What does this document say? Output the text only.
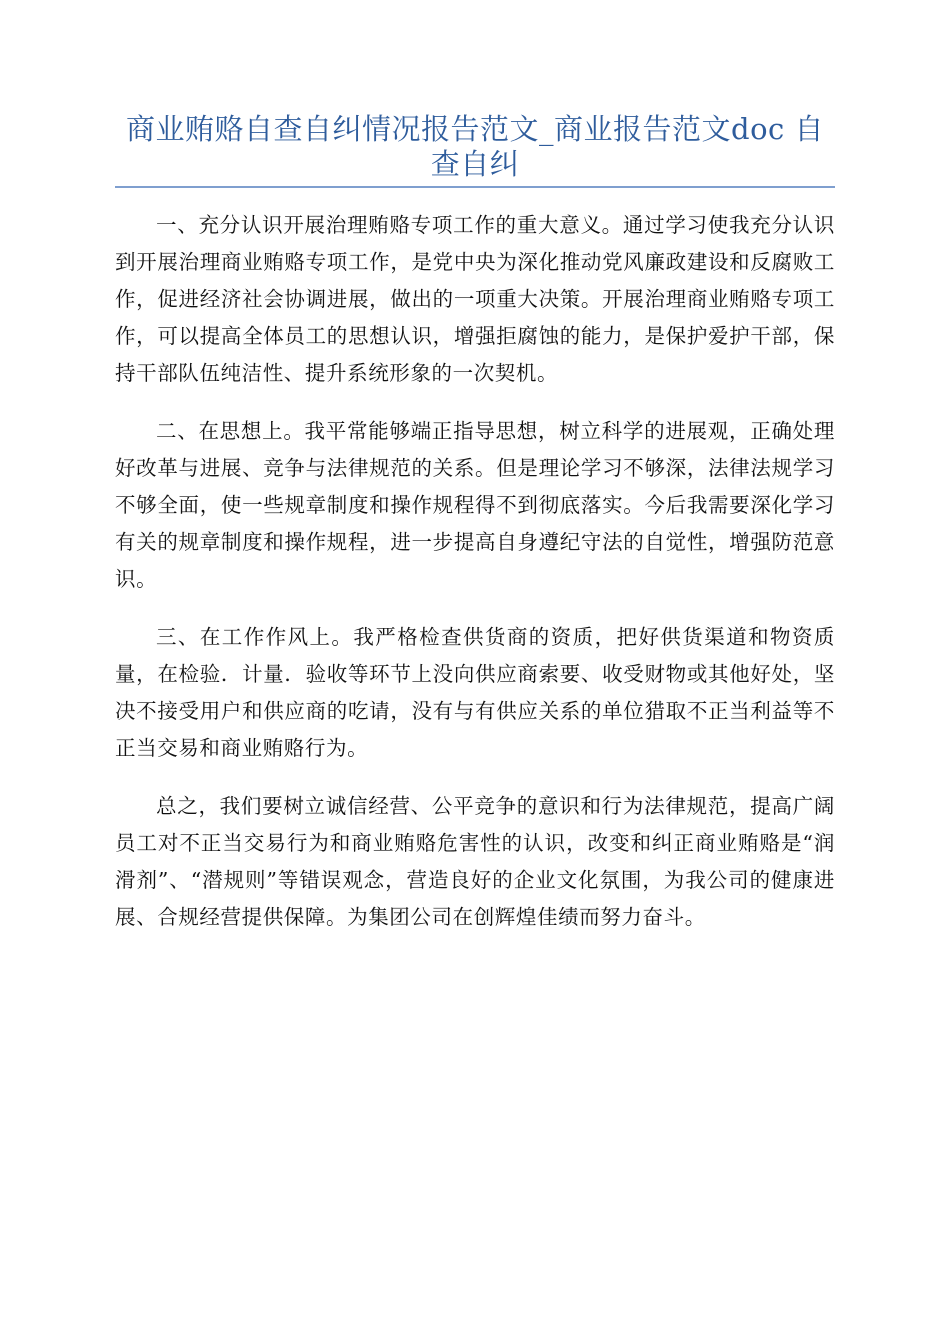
商业贿赂自查自纠情况报告范文_商业报告范文doc 自查自纠

一、充分认识开展治理贿赂专项工作的重大意义。通过学习使我充分认识到开展治理商业贿赂专项工作，是党中央为深化推动党风廉政建设和反腐败工作，促进经济社会协调进展，做出的一项重大决策。开展治理商业贿赂专项工作，可以提高全体员工的思想认识，增强拒腐蚀的能力，是保护爱护干部，保持干部队伍纯洁性、提升系统形象的一次契机。

二、在思想上。我平常能够端正指导思想，树立科学的进展观，正确处理好改革与进展、竞争与法律规范的关系。但是理论学习不够深，法律法规学习不够全面，使一些规章制度和操作规程得不到彻底落实。今后我需要深化学习有关的规章制度和操作规程，进一步提高自身遵纪守法的自觉性，增强防范意识。

三、在工作作风上。我严格检查供货商的资质，把好供货渠道和物资质量，在检验．计量．验收等环节上没向供应商索要、收受财物或其他好处，坚决不接受用户和供应商的吃请，没有与有供应关系的单位猎取不正当利益等不正当交易和商业贿赂行为。

总之，我们要树立诚信经营、公平竞争的意识和行为法律规范，提高广阔员工对不正当交易行为和商业贿赂危害性的认识，改变和纠正商业贿赂是“润滑剂”、“潜规则”等错误观念，营造良好的企业文化氛围，为我公司的健康进展、合规经营提供保障。为集团公司在创辉煌佳绩而努力奋斗。
